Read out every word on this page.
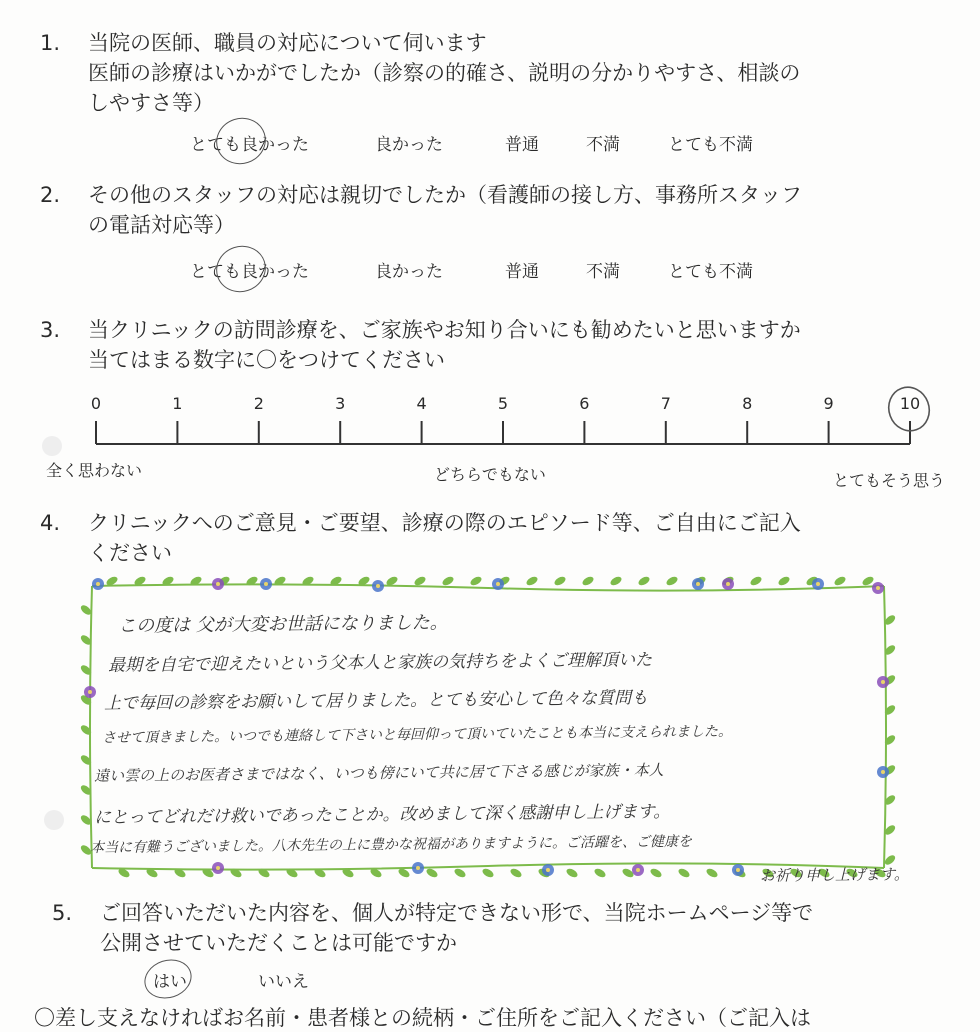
1. 当院の医師、職員の対応について伺います
医師の診療はいかがでしたか（診察の的確さ、説明の分かりやすさ、相談の
しやすさ等）
とても良かった	良かった	普通	不満	とても不満
2. その他のスタッフの対応は親切でしたか（看護師の接し方、事務所スタッフ
の電話対応等）
とても良かった	良かった	普通	不満	とても不満
3. 当クリニックの訪問診療を、ご家族やお知り合いにも勧めたいと思いますか
当てはまる数字に〇をつけてください
0	1	2	3	4	5	6	7	8	9	10
全く思わない	どちらでもない	とてもそう思う
4. クリニックへのご意見・ご要望、診療の際のエピソード等、ご自由にご記入
ください
この度は 父が大変お世話になりました。
最期を自宅で迎えたいという父本人と家族の気持ちをよくご理解頂いた
上で毎回の診察をお願いして居りました。とても安心して色々な質問も
させて頂きました。いつでも連絡して下さいと毎回仰って頂いていたことも本当に支えられました。
遠い雲の上のお医者さまではなく、いつも傍にいて共に居て下さる感じが家族・本人
にとってどれだけ救いであったことか。改めまして深く感謝申し上げます。
本当に有難うございました。八木先生の上に豊かな祝福がありますように。ご活躍を、ご健康を
お祈り申し上げます。
5. ご回答いただいた内容を、個人が特定できない形で、当院ホームページ等で
公開させていただくことは可能ですか
はい	いいえ
〇差し支えなければお名前・患者様との続柄・ご住所をご記入ください（ご記入は
